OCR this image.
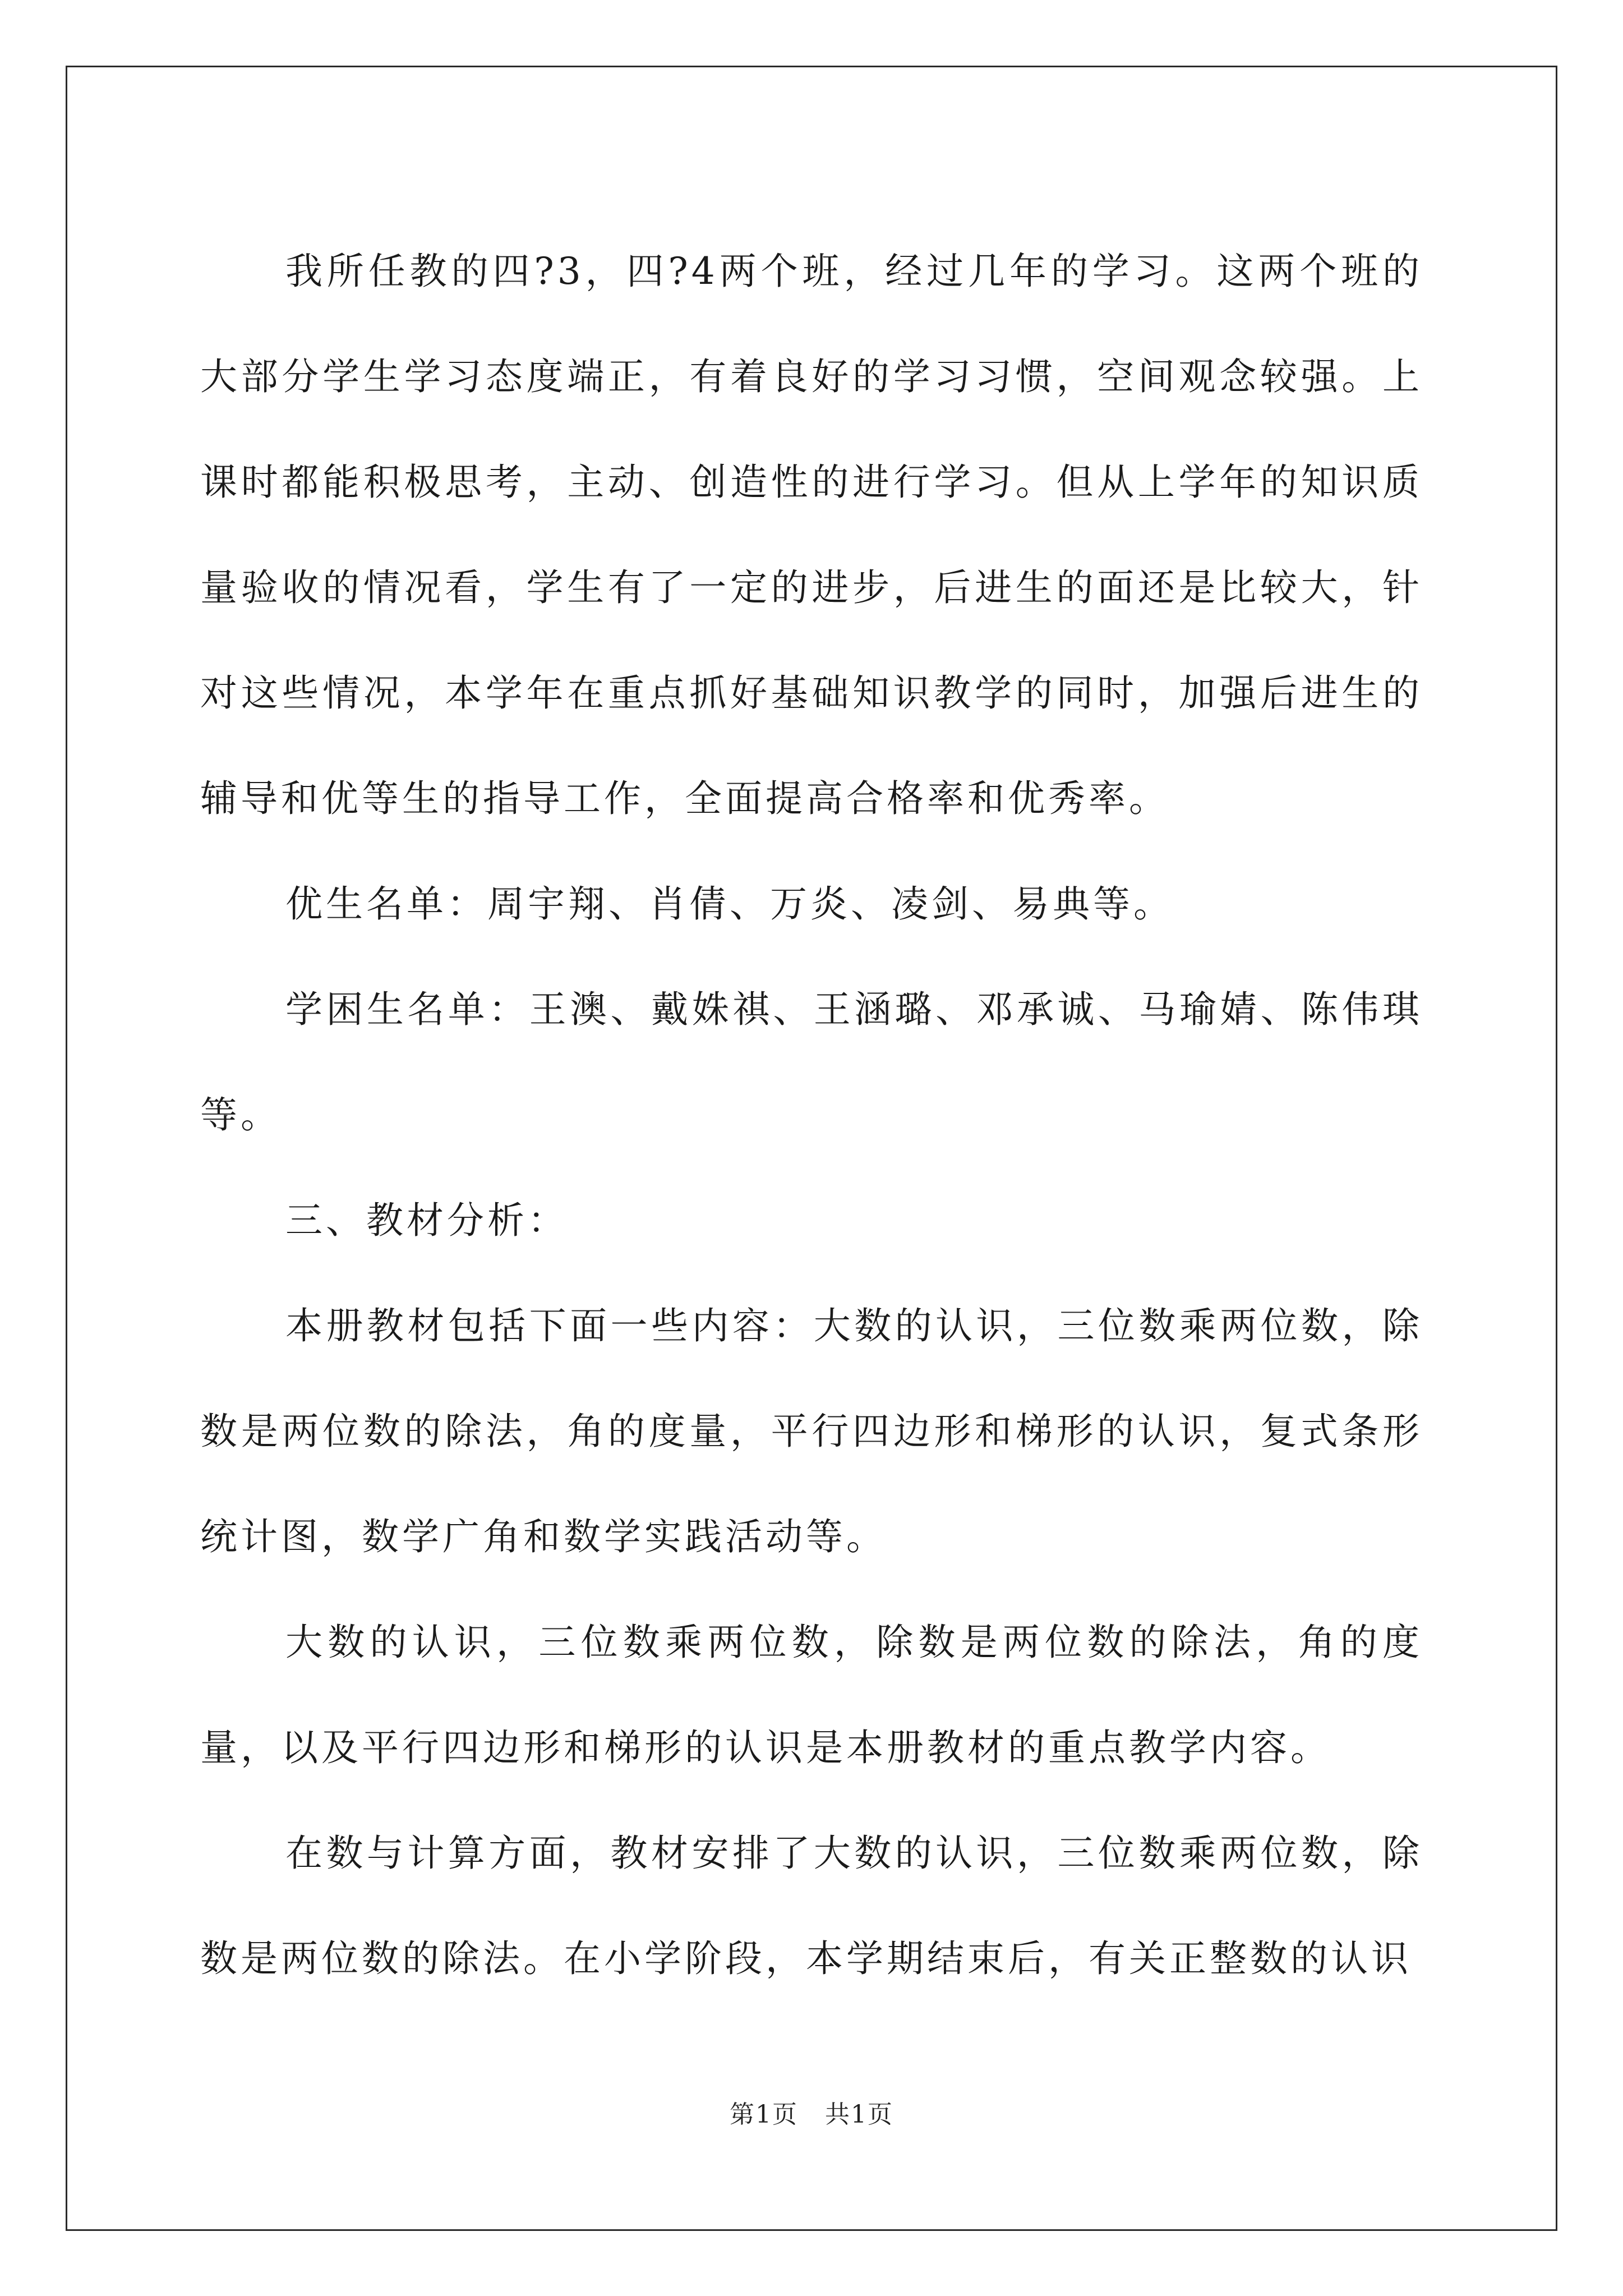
我所任教的四?3，四?4两个班，经过几年的学习。这两个班的大部分学生学习态度端正，有着良好的学习习惯，空间观念较强。上课时都能积极思考，主动、创造性的进行学习。但从上学年的知识质量验收的情况看，学生有了一定的进步，后进生的面还是比较大，针对这些情况，本学年在重点抓好基础知识教学的同时，加强后进生的辅导和优等生的指导工作，全面提高合格率和优秀率。

优生名单：周宇翔、肖倩、万炎、凌剑、易典等。

学困生名单：王澳、戴姝祺、王涵璐、邓承诚、马瑜婧、陈伟琪等。

三、教材分析：

本册教材包括下面一些内容：大数的认识，三位数乘两位数，除数是两位数的除法，角的度量，平行四边形和梯形的认识，复式条形统计图，数学广角和数学实践活动等。

大数的认识，三位数乘两位数，除数是两位数的除法，角的度量，以及平行四边形和梯形的认识是本册教材的重点教学内容。

在数与计算方面，教材安排了大数的认识，三位数乘两位数，除数是两位数的除法。在小学阶段，本学期结束后，有关正整数的认识

第1页 共1页
